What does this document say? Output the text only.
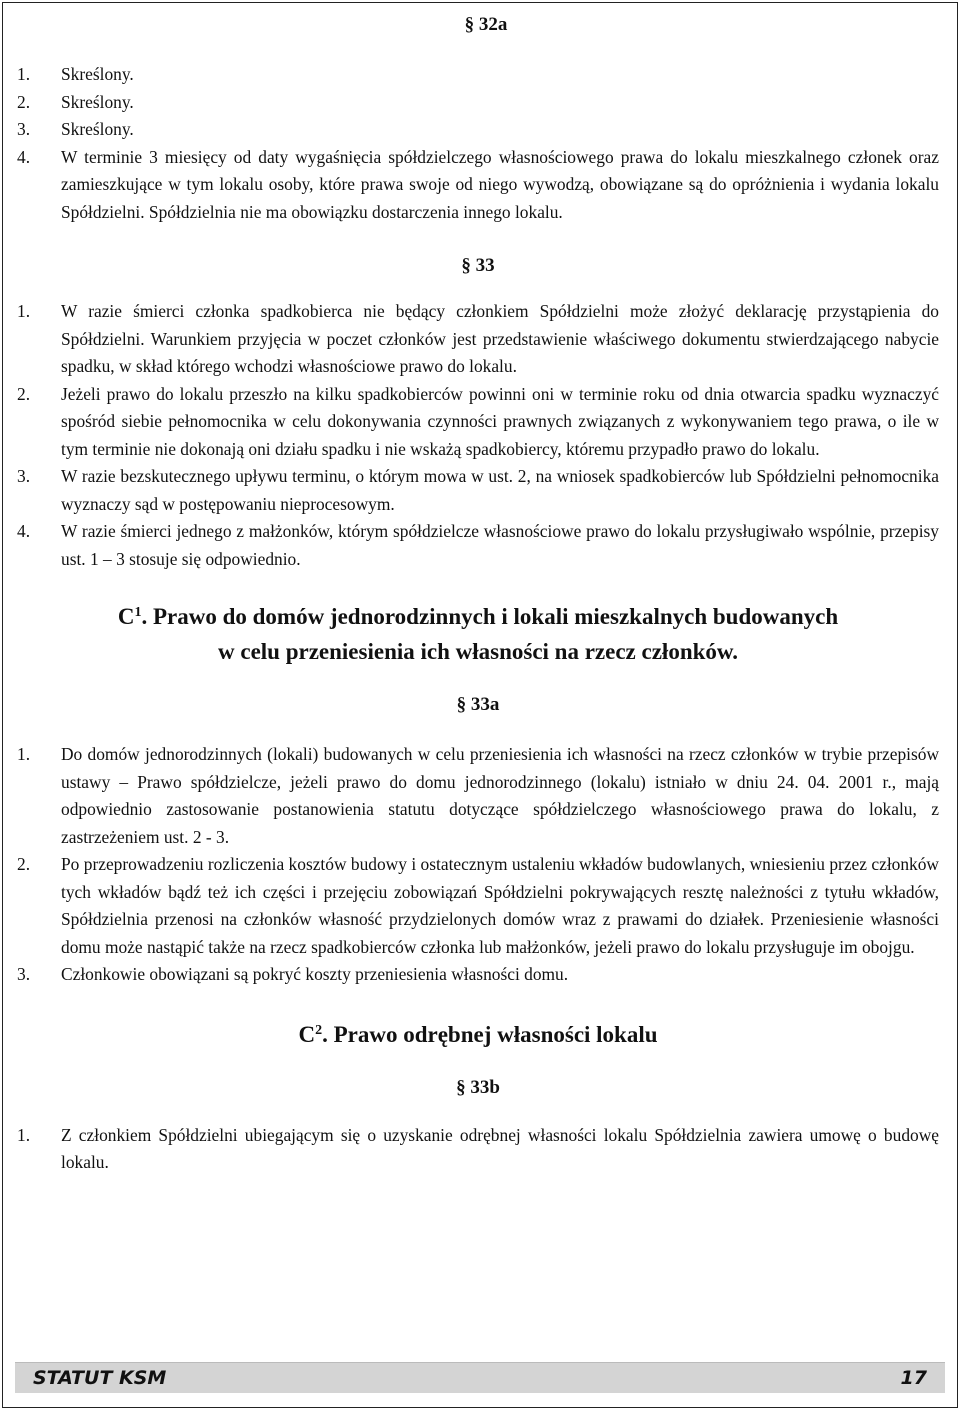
§ 32a
1.	Skreślony.
2.	Skreślony.
3.	Skreślony.
4.	W terminie 3 miesięcy od daty wygaśnięcia spółdzielczego własnościowego prawa do lokalu mieszkalnego członek oraz zamieszkujące w tym lokalu osoby, które prawa swoje od niego wywodzą, obowiązane są do opróżnienia i wydania lokalu Spółdzielni. Spółdzielnia nie ma obowiązku dostarczenia innego lokalu.
§ 33
1.	W razie śmierci członka spadkobierca nie będący członkiem Spółdzielni może złożyć deklarację przystąpienia do Spółdzielni. Warunkiem przyjęcia w poczet członków jest przedstawienie właściwego dokumentu stwierdzającego nabycie spadku, w skład którego wchodzi własnościowe prawo do lokalu.
2.	Jeżeli prawo do lokalu przeszło na kilku spadkobierców powinni oni w terminie roku od dnia otwarcia spadku wyznaczyć spośród siebie pełnomocnika w celu dokonywania czynności prawnych związanych z wykonywaniem tego prawa, o ile w tym terminie nie dokonają oni działu spadku i nie wskażą spadkobiercy, któremu przypadło prawo do lokalu.
3.	W razie bezskutecznego upływu terminu, o którym mowa w ust. 2, na wniosek spadkobierców lub Spółdzielni pełnomocnika wyznaczy sąd w postępowaniu nieprocesowym.
4.	W razie śmierci jednego z małżonków, którym spółdzielcze własnościowe prawo do lokalu przysługiwało wspólnie, przepisy ust. 1 – 3 stosuje się odpowiednio.
$C^1$. Prawo do domów jednorodzinnych i lokali mieszkalnych budowanych
w celu przeniesienia ich własności na rzecz członków.
§ 33a
1.	Do domów jednorodzinnych (lokali) budowanych w celu przeniesienia ich własności na rzecz członków w trybie przepisów ustawy – Prawo spółdzielcze, jeżeli prawo do domu jednorodzinnego (lokalu) istniało w dniu 24. 04. 2001 r., mają odpowiednio zastosowanie postanowienia statutu dotyczące spółdzielczego własnościowego prawa do lokalu, z zastrzeżeniem ust. 2 - 3.
2.	Po przeprowadzeniu rozliczenia kosztów budowy i ostatecznym ustaleniu wkładów budowlanych, wniesieniu przez członków tych wkładów bądź też ich części i przejęciu zobowiązań Spółdzielni pokrywających resztę należności z tytułu wkładów, Spółdzielnia przenosi na członków własność przydzielonych domów wraz z prawami do działek. Przeniesienie własności domu może nastąpić także na rzecz spadkobierców członka lub małżonków, jeżeli prawo do lokalu przysługuje im obojgu.
3.	Członkowie obowiązani są pokryć koszty przeniesienia własności domu.
$C^2$. Prawo odrębnej własności lokalu
§ 33b
1.	Z członkiem Spółdzielni ubiegającym się o uzyskanie odrębnej własności lokalu Spółdzielnia zawiera umowę o budowę lokalu.
STATUT KSM	17
